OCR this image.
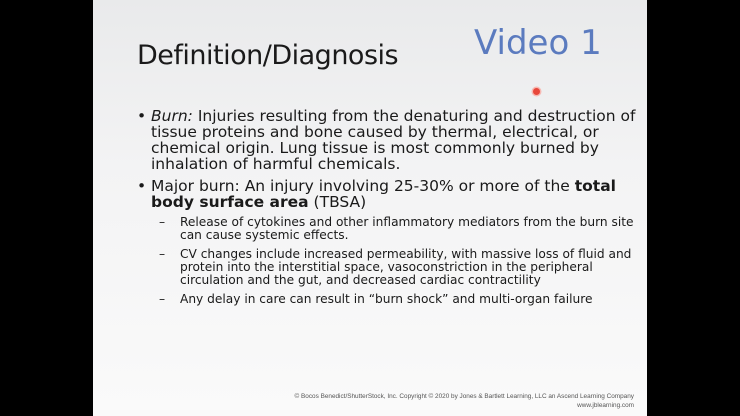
Definition/Diagnosis Video 1
• Burn: Injuries resulting from the denaturing and destruction of tissue proteins and bone caused by thermal, electrical, or chemical origin. Lung tissue is most commonly burned by inhalation of harmful chemicals.
• Major burn: An injury involving 25-30% or more of the total body surface area (TBSA)
– Release of cytokines and other inflammatory mediators from the burn site can cause systemic effects.
– CV changes include increased permeability, with massive loss of fluid and protein into the interstitial space, vasoconstriction in the peripheral circulation and the gut, and decreased cardiac contractility
– Any delay in care can result in “burn shock” and multi-organ failure
© Bocos Benedict/ShutterStock, Inc. Copyright © 2020 by Jones & Bartlett Learning, LLC an Ascend Learning Company
www.jblearning.com
